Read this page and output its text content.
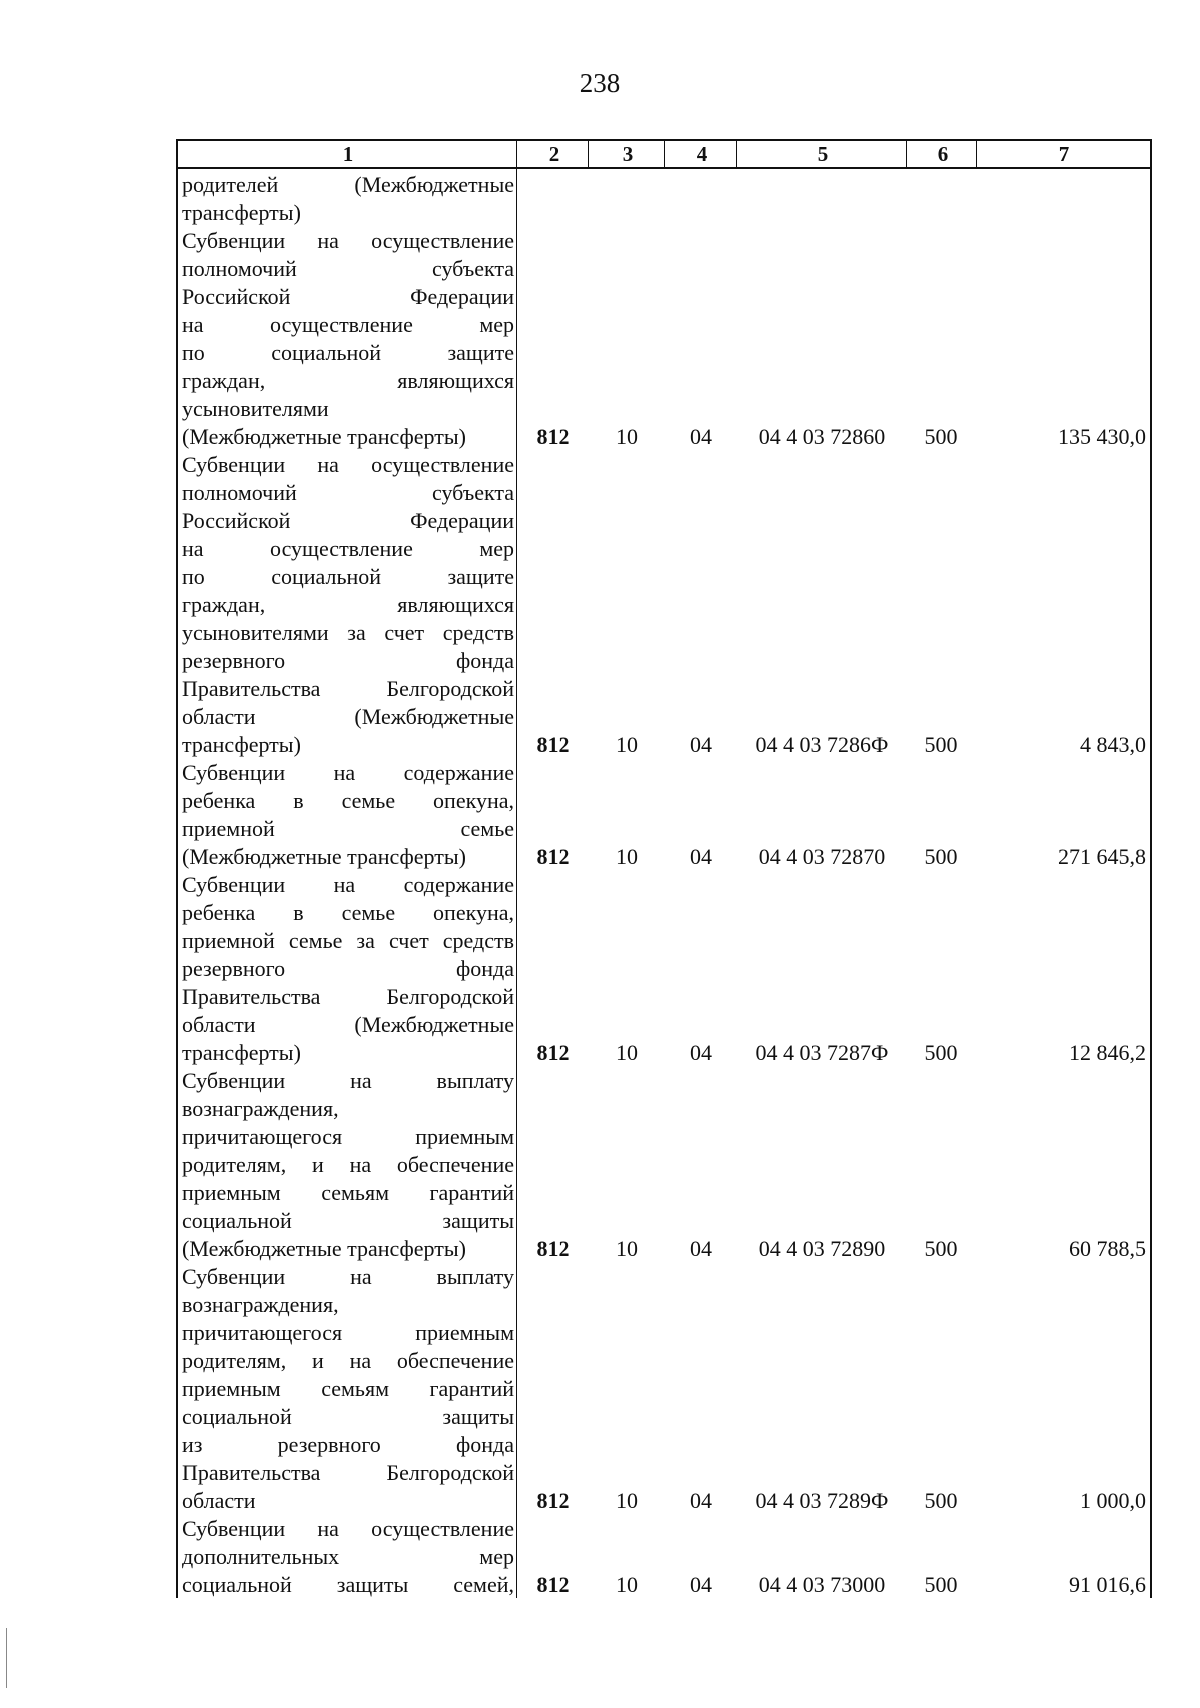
238
1	2	3	4	5	6	7
родителей (Межбюджетные
трансферты)
Субвенции на осуществление
полномочий субъекта
Российской Федерации
на осуществление мер
по социальной защите
граждан, являющихся
усыновителями
(Межбюджетные трансферты)	812	10	04	04 4 03 72860	500	135 430,0
Субвенции на осуществление
полномочий субъекта
Российской Федерации
на осуществление мер
по социальной защите
граждан, являющихся
усыновителями за счет средств
резервного фонда
Правительства Белгородской
области (Межбюджетные
трансферты)	812	10	04	04 4 03 7286Ф	500	4 843,0
Субвенции на содержание
ребенка в семье опекуна,
приемной семье
(Межбюджетные трансферты)	812	10	04	04 4 03 72870	500	271 645,8
Субвенции на содержание
ребенка в семье опекуна,
приемной семье за счет средств
резервного фонда
Правительства Белгородской
области (Межбюджетные
трансферты)	812	10	04	04 4 03 7287Ф	500	12 846,2
Субвенции на выплату
вознаграждения,
причитающегося приемным
родителям, и на обеспечение
приемным семьям гарантий
социальной защиты
(Межбюджетные трансферты)	812	10	04	04 4 03 72890	500	60 788,5
Субвенции на выплату
вознаграждения,
причитающегося приемным
родителям, и на обеспечение
приемным семьям гарантий
социальной защиты
из резервного фонда
Правительства Белгородской
области	812	10	04	04 4 03 7289Ф	500	1 000,0
Субвенции на осуществление
дополнительных мер
социальной защиты семей,	812	10	04	04 4 03 73000	500	91 016,6
